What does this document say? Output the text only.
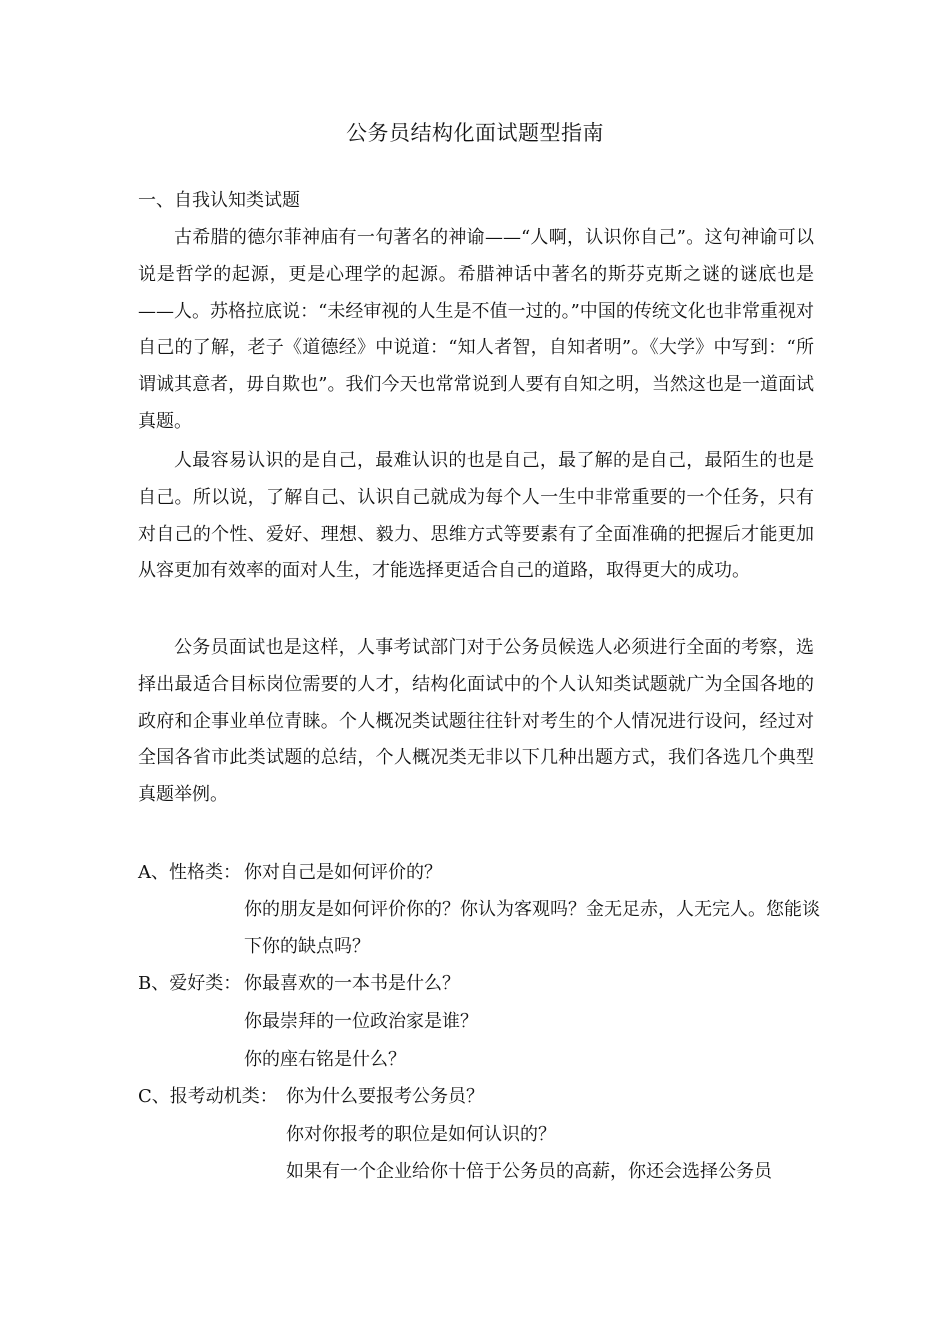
公务员结构化面试题型指南
一、自我认知类试题

古希腊的德尔菲神庙有一句著名的神谕——“人啊，认识你自己”。这句神谕可以说是哲学的起源，更是心理学的起源。希腊神话中著名的斯芬克斯之谜的谜底也是——人。苏格拉底说：“未经审视的人生是不值一过的。”中国的传统文化也非常重视对自己的了解，老子《道德经》中说道：“知人者智，自知者明”。《大学》中写到：“所谓诚其意者，毋自欺也”。我们今天也常常说到人要有自知之明，当然这也是一道面试真题。

人最容易认识的是自己，最难认识的也是自己，最了解的是自己，最陌生的也是自己。所以说，了解自己、认识自己就成为每个人一生中非常重要的一个任务，只有对自己的个性、爱好、理想、毅力、思维方式等要素有了全面准确的把握后才能更加从容更加有效率的面对人生，才能选择更适合自己的道路，取得更大的成功。

公务员面试也是这样，人事考试部门对于公务员候选人必须进行全面的考察，选择出最适合目标岗位需要的人才，结构化面试中的个人认知类试题就广为全国各地的政府和企事业单位青睐。个人概况类试题往往针对考生的个人情况进行设问，经过对全国各省市此类试题的总结，个人概况类无非以下几种出题方式，我们各选几个典型真题举例。

A、性格类： 你对自己是如何评价的？
你的朋友是如何评价你的？你认为客观吗？金无足赤，人无完人。您能谈下你的缺点吗？
B、爱好类： 你最喜欢的一本书是什么？
你最崇拜的一位政治家是谁？
你的座右铭是什么？
C、报考动机类： 你为什么要报考公务员？
你对你报考的职位是如何认识的？
如果有一个企业给你十倍于公务员的高薪，你还会选择公务员
